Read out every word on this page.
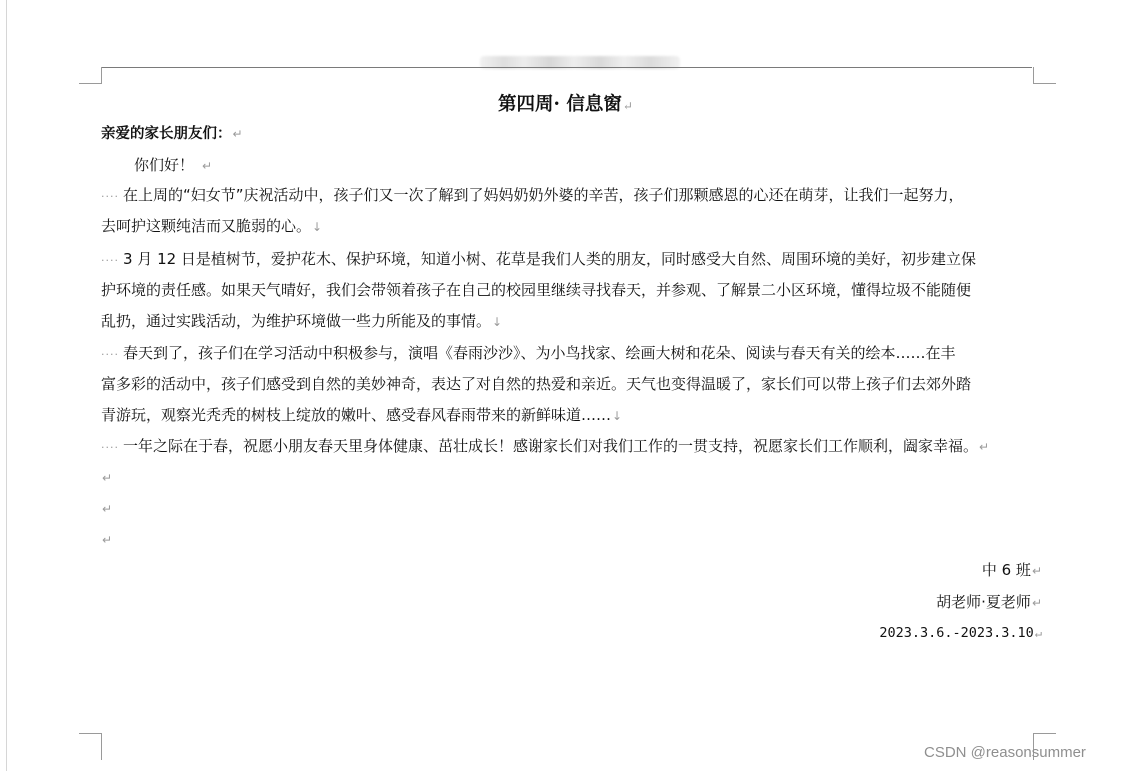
第四周· 信息窗↵
亲爱的家长朋友们：↵
你们好！ ↵
···· 在上周的“妇女节”庆祝活动中，孩子们又一次了解到了妈妈奶奶外婆的辛苦，孩子们那颗感恩的心还在萌芽，让我们一起努力，
去呵护这颗纯洁而又脆弱的心。↓
···· 3 月 12 日是植树节，爱护花木、保护环境，知道小树、花草是我们人类的朋友，同时感受大自然、周围环境的美好，初步建立保
护环境的责任感。如果天气晴好，我们会带领着孩子在自己的校园里继续寻找春天，并参观、了解景二小区环境，懂得垃圾不能随便
乱扔，通过实践活动，为维护环境做一些力所能及的事情。↓
···· 春天到了，孩子们在学习活动中积极参与，演唱《春雨沙沙》、为小鸟找家、绘画大树和花朵、阅读与春天有关的绘本……在丰
富多彩的活动中，孩子们感受到自然的美妙神奇，表达了对自然的热爱和亲近。天气也变得温暖了，家长们可以带上孩子们去郊外踏
青游玩，观察光秃秃的树枝上绽放的嫩叶、感受春风春雨带来的新鲜味道……↓
···· 一年之际在于春，祝愿小朋友春天里身体健康、茁壮成长！感谢家长们对我们工作的一贯支持，祝愿家长们工作顺利，阖家幸福。↵
↵
↵
↵
中 6 班↵
胡老师·夏老师↵
2023.3.6.-2023.3.10↵
CSDN @reasonsummer
